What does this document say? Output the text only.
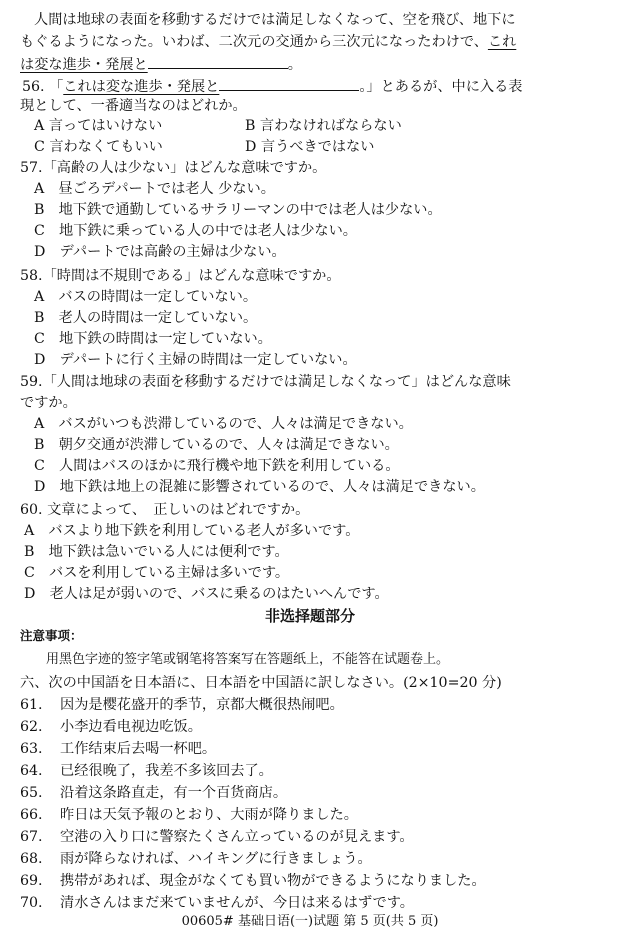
人間は地球の表面を移動するだけでは満足しなくなって、空を飛び、地下に
もぐるようになった。いわば、二次元の交通から三次元になったわけで、これ
は変な進歩・発展と	。
56. 「これは変な進歩・発展と	。」とあるが、中に入る表
現として、一番適当なのはどれか。
A 言ってはいけない	B 言わなければならない
C 言わなくてもいい	D 言うべきではない
57.「高齢の人は少ない」はどんな意味ですか。
A　昼ごろデパートでは老人 少ない。
B　地下鉄で通勤しているサラリーマンの中では老人は少ない。
C　地下鉄に乗っている人の中では老人は少ない。
D　デパートでは高齢の主婦は少ない。
58.「時間は不規則である」はどんな意味ですか。
A　バスの時間は一定していない。
B　老人の時間は一定していない。
C　地下鉄の時間は一定していない。
D　デパートに行く主婦の時間は一定していない。
59.「人間は地球の表面を移動するだけでは満足しなくなって」はどんな意味
ですか。
A　バスがいつも渋滞しているので、人々は満足できない。
B　朝夕交通が渋滞しているので、人々は満足できない。
C　人間はバスのほかに飛行機や地下鉄を利用している。
D　地下鉄は地上の混雑に影響されているので、人々は満足できない。
60. 文章によって、　正しいのはどれですか。
A　バスより地下鉄を利用している老人が多いです。
B　地下鉄は急いでいる人には便利です。
C　バスを利用している主婦は多いです。
D　老人は足が弱いので、バスに乗るのはたいへんです。
非选择题部分
注意事项：
用黑色字迹的签字笔或钢笔将答案写在答题纸上，不能答在试题卷上。
六、次の中国語を日本語に、日本語を中国語に訳しなさい。(2×10=20 分)
61. 因为是樱花盛开的季节，京都大概很热闹吧。
62. 小李边看电视边吃饭。
63. 工作结束后去喝一杯吧。
64. 已经很晚了，我差不多该回去了。
65. 沿着这条路直走，有一个百货商店。
66. 昨日は天気予報のとおり、大雨が降りました。
67. 空港の入り口に警察たくさん立っているのが見えます。
68. 雨が降らなければ、ハイキングに行きましょう。
69. 携帯があれば、現金がなくても買い物ができるようになりました。
70. 清水さんはまだ来ていませんが、今日は来るはずです。
00605# 基础日语(一)试题 第 5 页(共 5 页)
